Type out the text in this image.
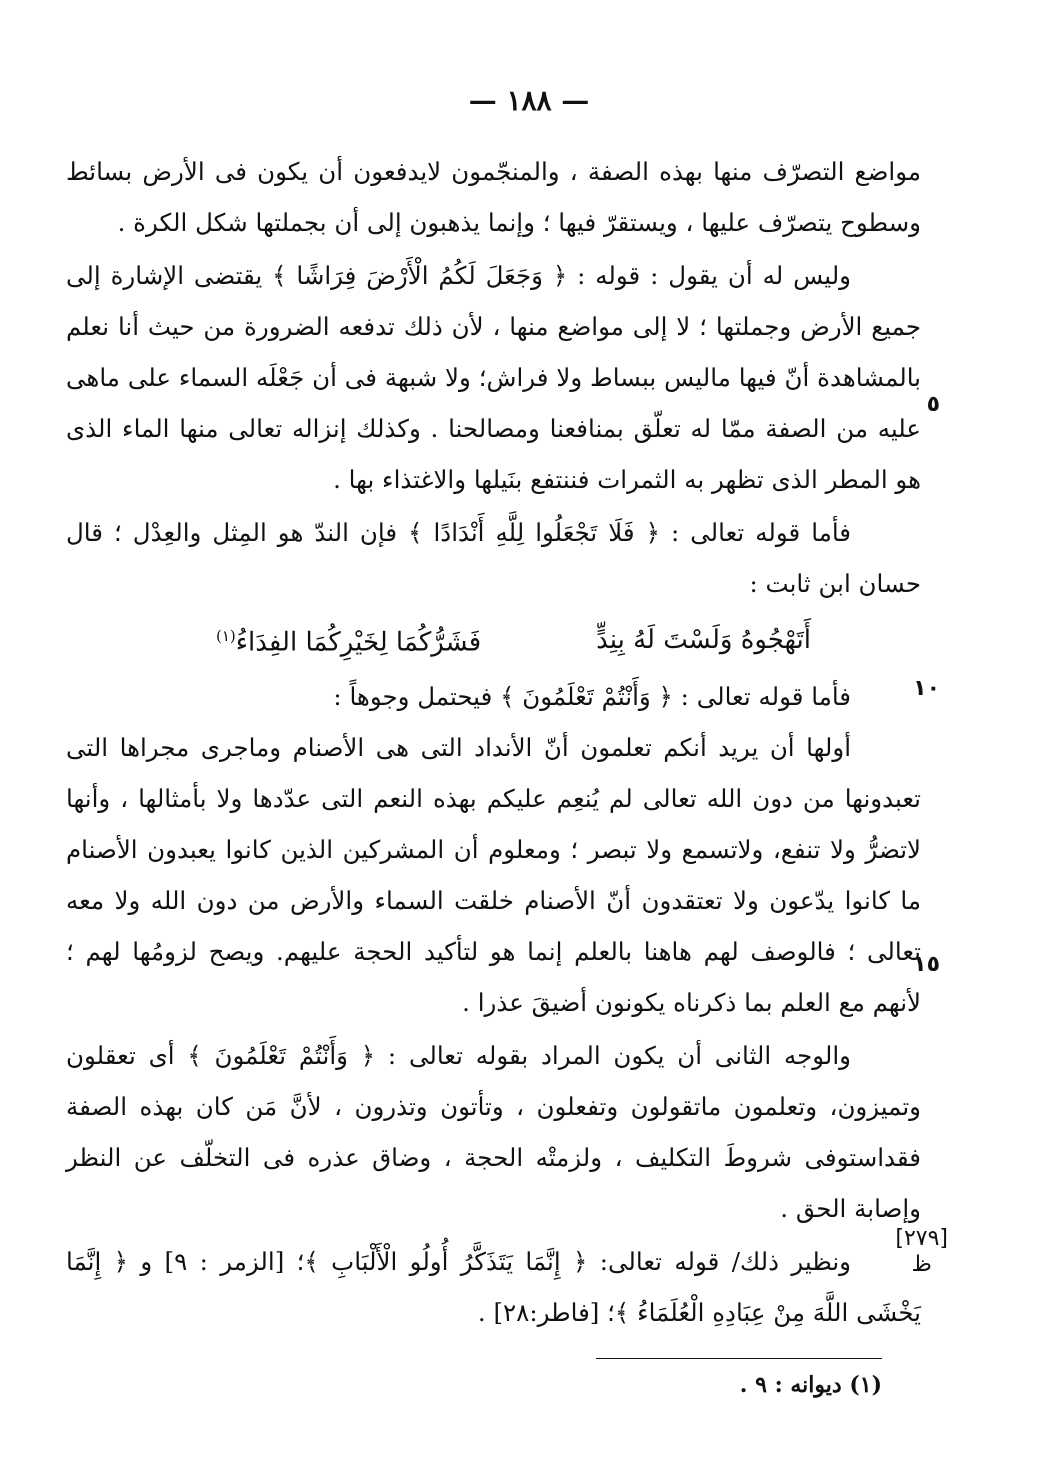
— ١٨٨ —

مواضع التصرّف منها بهذه الصفة ، والمنجّمون لايدفعون أن يكون فى الأرض بسائط وسطوح يتصرّف عليها ، ويستقرّ فيها ؛ وإنما يذهبون إلى أن بجملتها شكل الكرة .

وليس له أن يقول : قوله : ﴿ وَجَعَلَ لَكُمُ الْأَرْضَ فِرَاشًا ﴾ يقتضى الإشارة إلى جميع الأرض وجملتها ؛ لا إلى مواضع منها ، لأن ذلك تدفعه الضرورة من حيث أنا نعلم بالمشاهدة أنّ فيها ماليس ببساط ولا فراش؛ ولا شبهة فى أن جَعْلَه السماء على ماهى عليه من الصفة ممّا له تعلّق بمنافعنا ومصالحنا . وكذلك إنزاله تعالى منها الماء الذى هو المطر الذى تظهر به الثمرات فننتفع بنَيلها والاغتذاء بها .

فأما قوله تعالى : ﴿ فَلَا تَجْعَلُوا لِلَّهِ أَنْدَادًا ﴾ فإن الندّ هو المِثل والعِدْل ؛ قال حسان ابن ثابت :

أَتَهْجُوهُ وَلَسْتَ لَهُ بِنِدٍّ
فَشَرُّكُمَا لِخَيْرِكُمَا الفِدَاءُ$^{(١)}$

فأما قوله تعالى : ﴿ وَأَنْتُمْ تَعْلَمُونَ ﴾ فيحتمل وجوهاً :

أولها أن يريد أنكم تعلمون أنّ الأنداد التى هى الأصنام وماجرى مجراها التى تعبدونها من دون الله تعالى لم يُنعِم عليكم بهذه النعم التى عدّدها ولا بأمثالها ، وأنها لاتضرُّ ولا تنفع، ولاتسمع ولا تبصر ؛ ومعلوم أن المشركين الذين كانوا يعبدون الأصنام ما كانوا يدّعون ولا تعتقدون أنّ الأصنام خلقت السماء والأرض من دون الله ولا معه تعالى ؛ فالوصف لهم هاهنا بالعلم إنما هو لتأكيد الحجة عليهم. ويصح لزومُها لهم ؛ لأنهم مع العلم بما ذكرناه يكونون أضيقَ عذرا .

والوجه الثانى أن يكون المراد بقوله تعالى : ﴿ وَأَنْتُمْ تَعْلَمُونَ ﴾ أى تعقلون وتميزون، وتعلمون ماتقولون وتفعلون ، وتأتون وتذرون ، لأنَّ مَن كان بهذه الصفة فقداستوفى شروطَ التكليف ، ولزمتْه الحجة ، وضاق عذره فى التخلّف عن النظر وإصابة الحق .

ونظير ذلك/ قوله تعالى: ﴿ إِنَّمَا يَتَذَكَّرُ أُولُو الْأَلْبَابِ ﴾؛ [الزمر : ٩] و ﴿ إِنَّمَا يَخْشَى اللَّهَ مِنْ عِبَادِهِ الْعُلَمَاءُ ﴾؛ [فاطر:٢٨] .

٥
١٠
١٥
[٢٧٩]
ظ
(١) ديوانه : ٩ .
